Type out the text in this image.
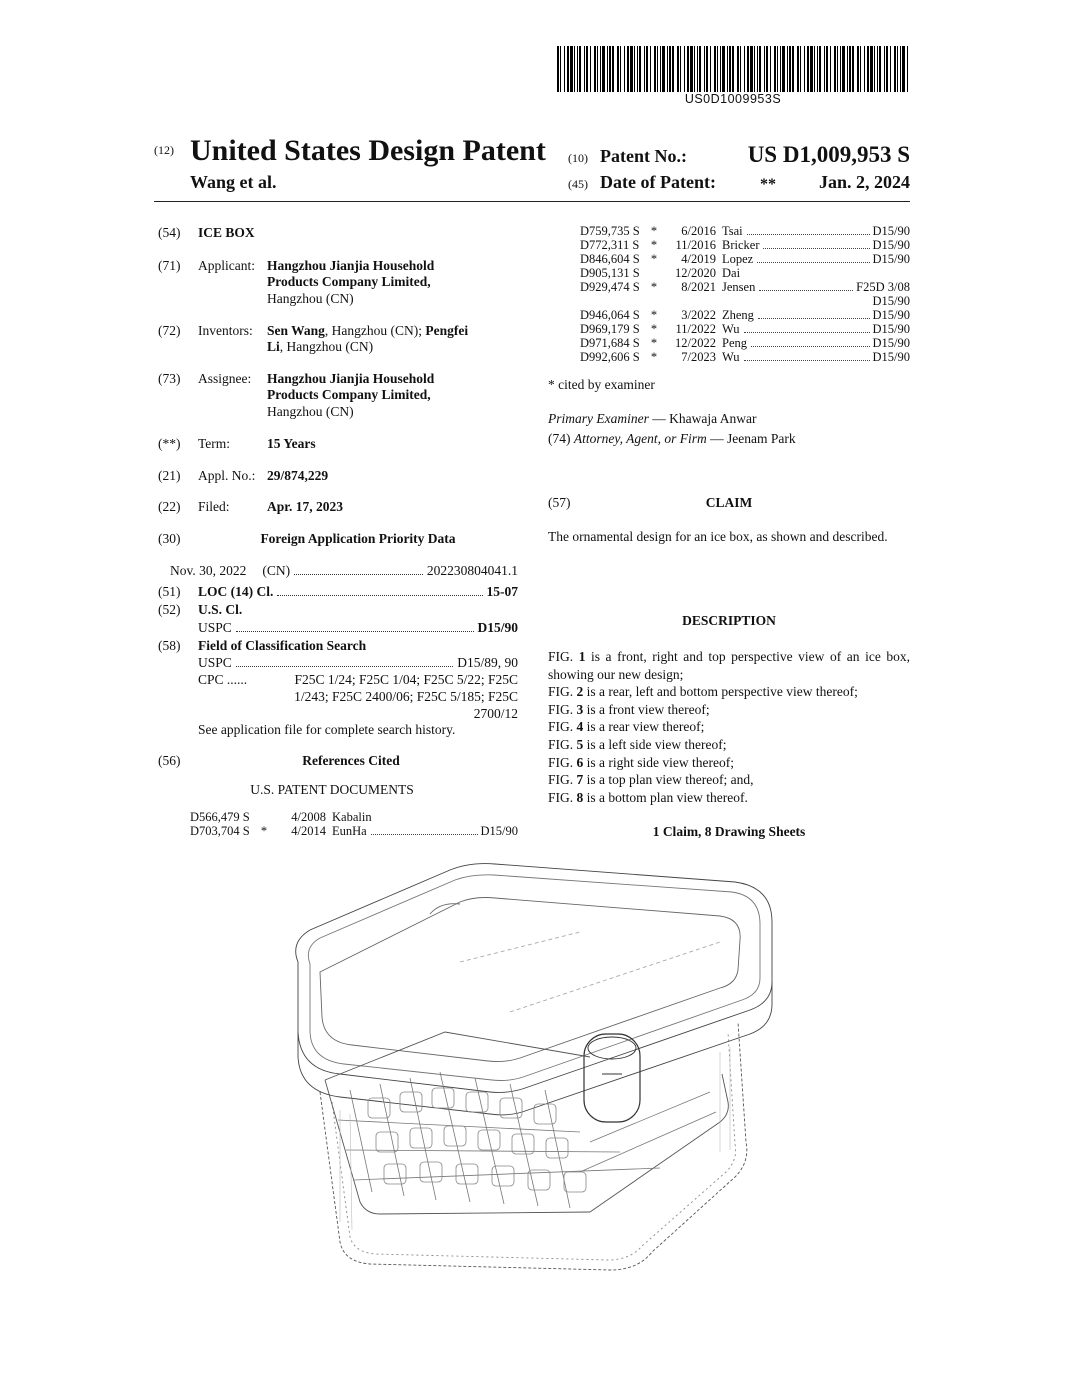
US0D1009953S
(12) United States Design Patent
Wang et al.
(10) Patent No.:	US D1,009,953 S
(45) Date of Patent:	**	Jan. 2, 2024
(54) ICE BOX
(71) Applicant: Hangzhou Jianjia Household
Products Company Limited,
Hangzhou (CN)
(72) Inventors: Sen Wang, Hangzhou (CN); Pengfei
Li, Hangzhou (CN)
(73) Assignee: Hangzhou Jianjia Household
Products Company Limited,
Hangzhou (CN)
(**) Term:	15 Years
(21) Appl. No.: 29/874,229
(22) Filed:	Apr. 17, 2023
(30)	Foreign Application Priority Data
Nov. 30, 2022 (CN)	202230804041.1
(51) LOC (14) Cl.	15-07
(52) U.S. Cl.
USPC	D15/90
(58) Field of Classification Search
USPC	D15/89, 90
CPC ......	F25C 1/24; F25C 1/04; F25C 5/22; F25C
1/243; F25C 2400/06; F25C 5/185; F25C
2700/12
See application file for complete search history.
(56)	References Cited
U.S. PATENT DOCUMENTS
D566,479 S	4/2008 Kabalin
D703,704 S *	4/2014 EunHa	D15/90
D759,735 S *	6/2016 Tsai	D15/90
D772,311 S *	11/2016 Bricker	D15/90
D846,604 S *	4/2019 Lopez	D15/90
D905,131 S	12/2020 Dai
D929,474 S *	8/2021 Jensen	F25D 3/08
D15/90
D946,064 S *	3/2022 Zheng	D15/90
D969,179 S *	11/2022 Wu	D15/90
D971,684 S *	12/2022 Peng	D15/90
D992,606 S *	7/2023 Wu	D15/90
* cited by examiner
Primary Examiner — Khawaja Anwar
(74) Attorney, Agent, or Firm — Jeenam Park
(57)	CLAIM
The ornamental design for an ice box, as shown and described.
DESCRIPTION
FIG. 1 is a front, right and top perspective view of an ice box, showing our new design;
FIG. 2 is a rear, left and bottom perspective view thereof;
FIG. 3 is a front view thereof;
FIG. 4 is a rear view thereof;
FIG. 5 is a left side view thereof;
FIG. 6 is a right side view thereof;
FIG. 7 is a top plan view thereof; and,
FIG. 8 is a bottom plan view thereof.
1 Claim, 8 Drawing Sheets
